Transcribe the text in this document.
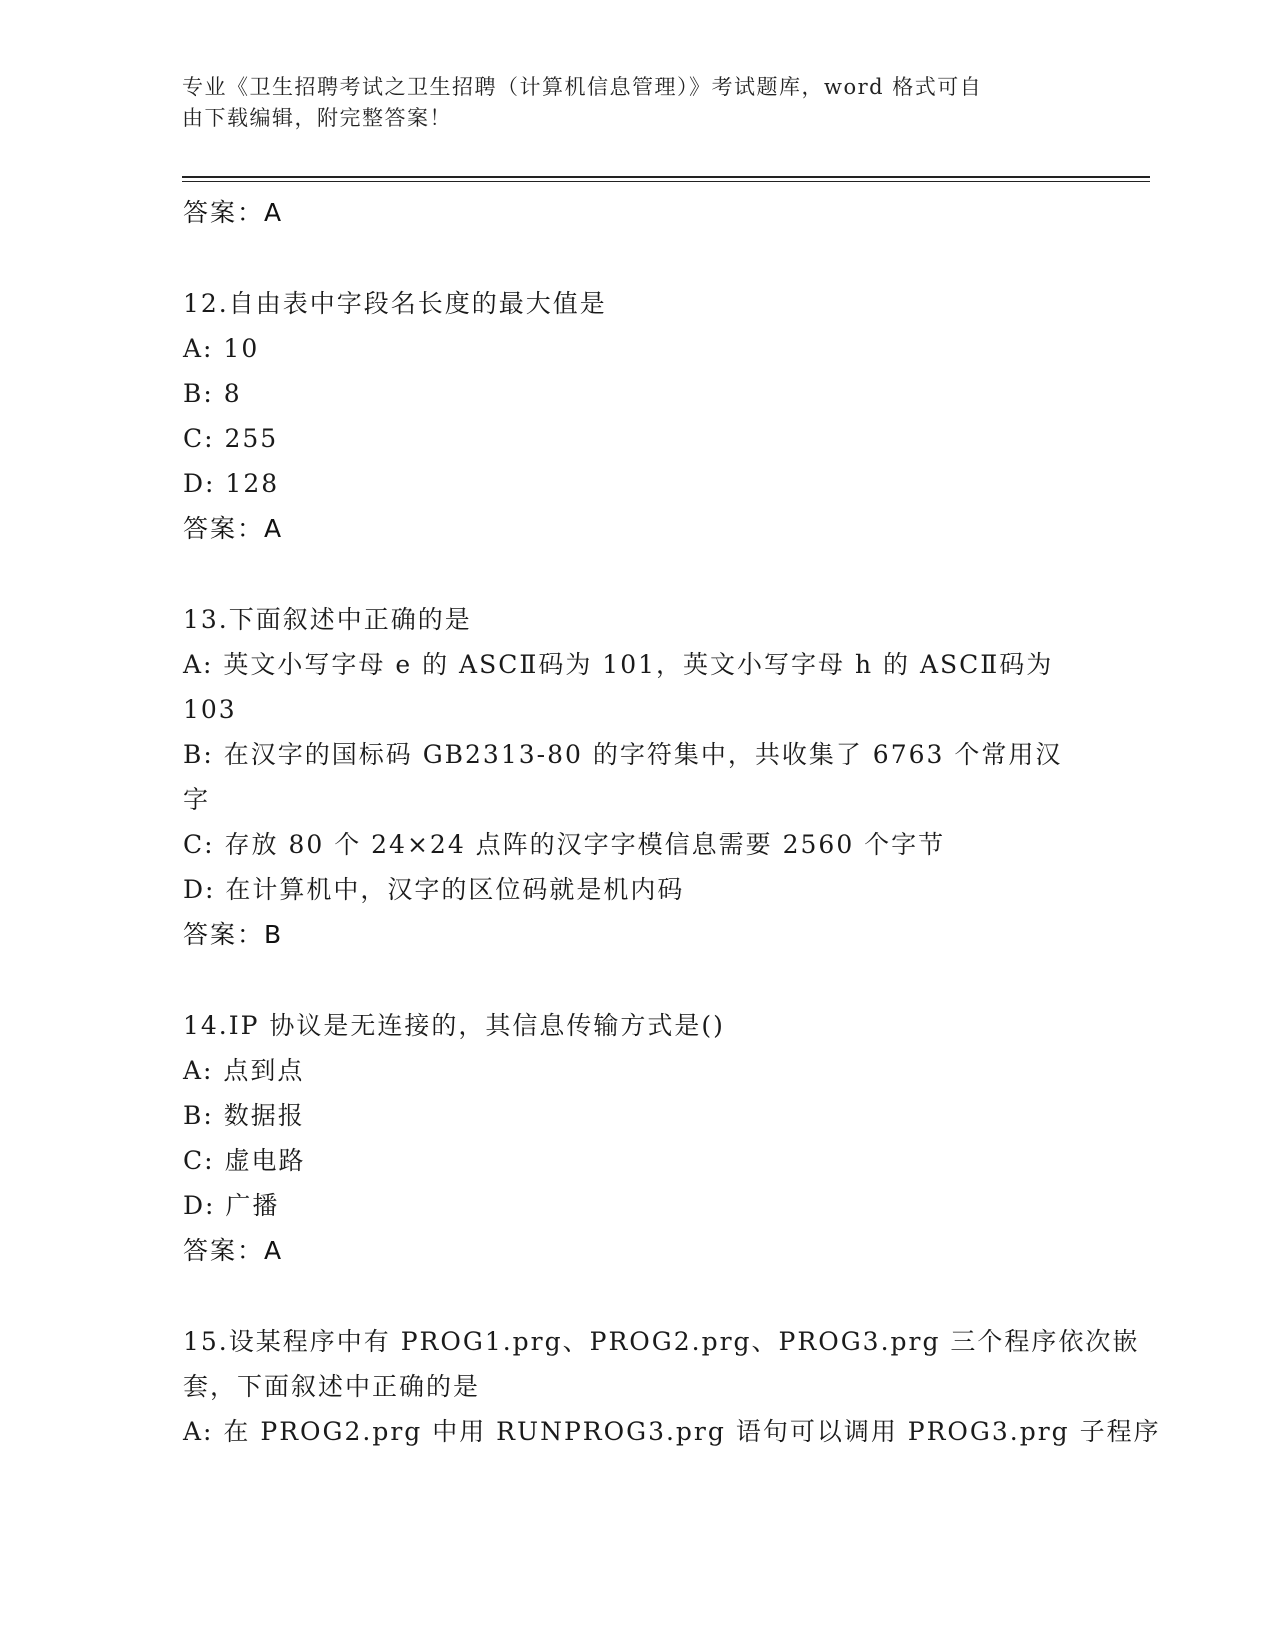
专业《卫生招聘考试之卫生招聘（计算机信息管理）》考试题库，word 格式可自
由下载编辑，附完整答案！
答案：A
12.自由表中字段名长度的最大值是
A: 10
B: 8
C: 255
D: 128
答案：A
13.下面叙述中正确的是
A: 英文小写字母 e 的 ASCⅡ码为 101，英文小写字母 h 的 ASCⅡ码为
103
B: 在汉字的国标码 GB2313-80 的字符集中，共收集了 6763 个常用汉
字
C: 存放 80 个 24×24 点阵的汉字字模信息需要 2560 个字节
D: 在计算机中，汉字的区位码就是机内码
答案：B
14.IP 协议是无连接的，其信息传输方式是()
A: 点到点
B: 数据报
C: 虚电路
D: 广播
答案：A
15.设某程序中有 PROG1.prg、PROG2.prg、PROG3.prg 三个程序依次嵌
套，下面叙述中正确的是
A: 在 PROG2.prg 中用 RUNPROG3.prg 语句可以调用 PROG3.prg 子程序
